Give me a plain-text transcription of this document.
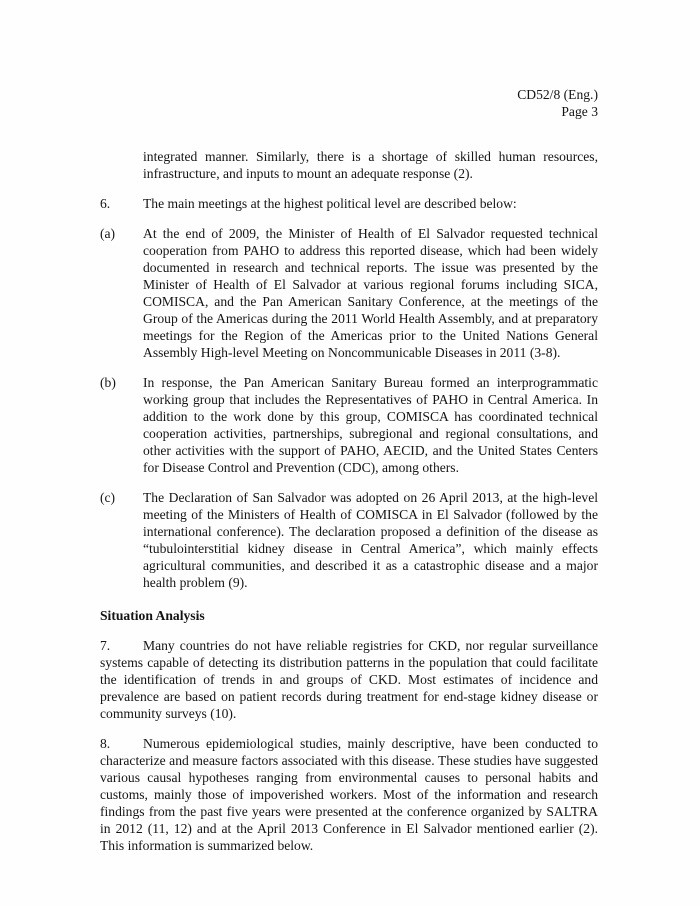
CD52/8 (Eng.)
Page 3
integrated manner. Similarly, there is a shortage of skilled human resources, infrastructure, and inputs to mount an adequate response (2).
6.	The main meetings at the highest political level are described below:
(a)	At the end of 2009, the Minister of Health of El Salvador requested technical cooperation from PAHO to address this reported disease, which had been widely documented in research and technical reports. The issue was presented by the Minister of Health of El Salvador at various regional forums including SICA, COMISCA, and the Pan American Sanitary Conference, at the meetings of the Group of the Americas during the 2011 World Health Assembly, and at preparatory meetings for the Region of the Americas prior to the United Nations General Assembly High-level Meeting on Noncommunicable Diseases in 2011 (3-8).
(b)	In response, the Pan American Sanitary Bureau formed an interprogrammatic working group that includes the Representatives of PAHO in Central America. In addition to the work done by this group, COMISCA has coordinated technical cooperation activities, partnerships, subregional and regional consultations, and other activities with the support of PAHO, AECID, and the United States Centers for Disease Control and Prevention (CDC), among others.
(c)	The Declaration of San Salvador was adopted on 26 April 2013, at the high-level meeting of the Ministers of Health of COMISCA in El Salvador (followed by the international conference). The declaration proposed a definition of the disease as “tubulointerstitial kidney disease in Central America”, which mainly effects agricultural communities, and described it as a catastrophic disease and a major health problem (9).
Situation Analysis
7. Many countries do not have reliable registries for CKD, nor regular surveillance systems capable of detecting its distribution patterns in the population that could facilitate the identification of trends in and groups of CKD. Most estimates of incidence and prevalence are based on patient records during treatment for end-stage kidney disease or community surveys (10).
8. Numerous epidemiological studies, mainly descriptive, have been conducted to characterize and measure factors associated with this disease. These studies have suggested various causal hypotheses ranging from environmental causes to personal habits and customs, mainly those of impoverished workers. Most of the information and research findings from the past five years were presented at the conference organized by SALTRA in 2012 (11, 12) and at the April 2013 Conference in El Salvador mentioned earlier (2). This information is summarized below.
